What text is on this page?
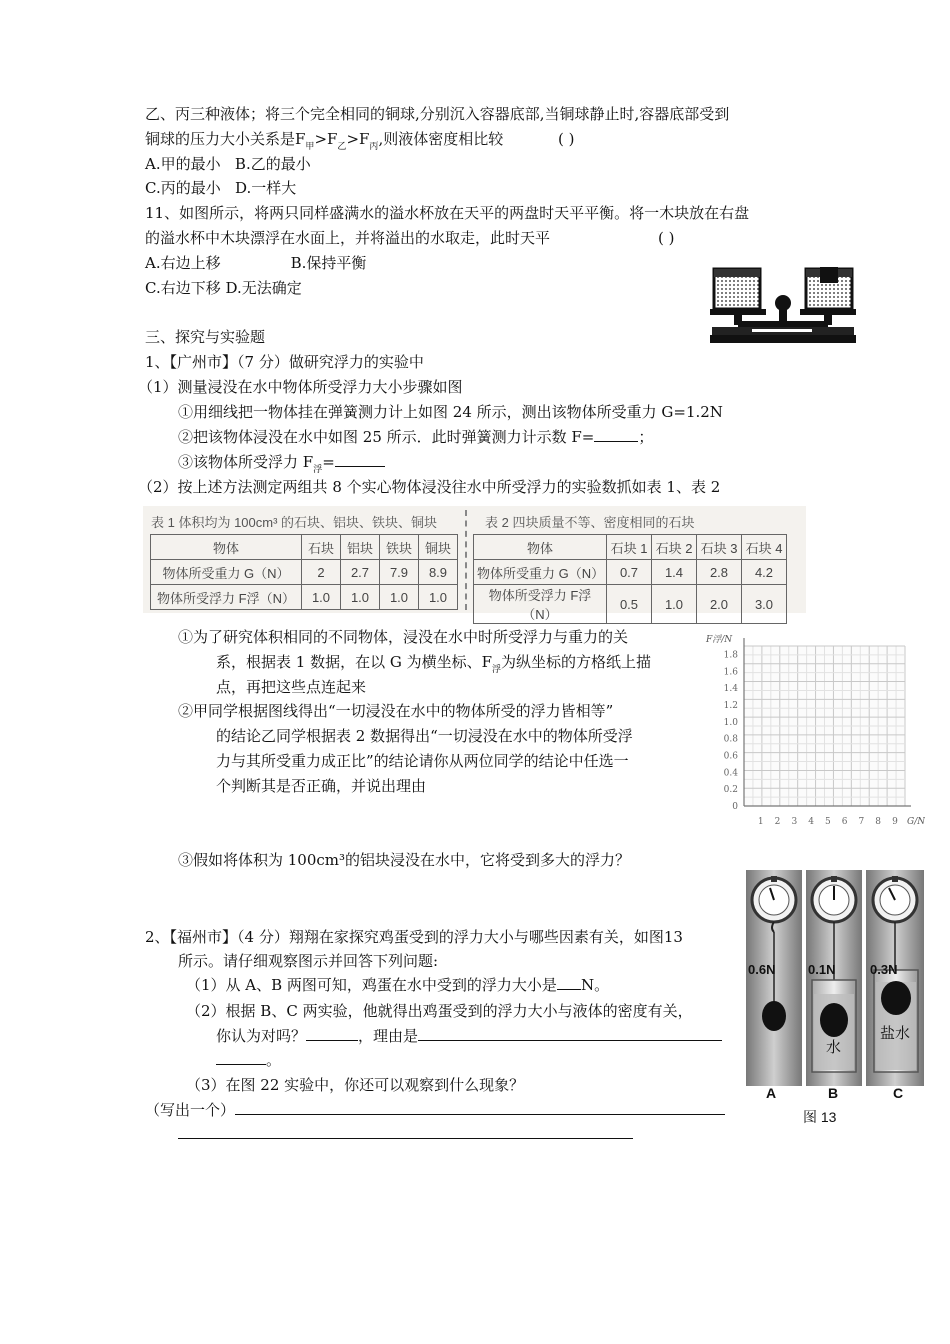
乙、丙三种液体；将三个完全相同的铜球,分别沉入容器底部,当铜球静止时,容器底部受到
铜球的压力大小关系是$F_甲>F_乙>F_丙$,则液体密度相比较	( )
A.甲的最小 B.乙的最小
C.丙的最小 D.一样大
11、如图所示，将两只同样盛满水的溢水杯放在天平的两盘时天平平衡。将一木块放在右盘
的溢水杯中木块漂浮在水面上，并将溢出的水取走，此时天平	( )
A.右边上移	B.保持平衡
C.右边下移 D.无法确定
三、探究与实验题
1、【广州市】（7 分）做研究浮力的实验中
（1）测量浸没在水中物体所受浮力大小步骤如图
①用细线把一物体挂在弹簧测力计上如图 24 所示，测出该物体所受重力 G=1.2N
②把该物体浸没在水中如图 25 所示．此时弹簧测力计示数 F=	；
③该物体所受浮力 $F_浮=$
（2）按上述方法测定两组共 8 个实心物体浸没往水中所受浮力的实验数抓如表 1、表 2
表 1 体积均为 100cm³ 的石块、铝块、铁块、铜块	表 2 四块质量不等、密度相同的石块
物体	石块	铝块	铁块	铜块
物体所受重力 G（N）	2	2.7	7.9	8.9
物体所受浮力 F浮（N）	1.0	1.0	1.0	1.0
物体	石块 1	石块 2	石块 3	石块 4
物体所受重力 G（N）	0.7	1.4	2.8	4.2
物体所受浮力 F浮（N）	0.5	1.0	2.0	3.0
①为了研究体积相同的不同物体，浸没在水中时所受浮力与重力的关
系，根据表 1 数据，在以 G 为横坐标、$F_浮$为纵坐标的方格纸上描
点，再把这些点连起来
②甲同学根据图线得出“一切浸没在水中的物体所受的浮力皆相等”
的结论乙同学根据表 2 数据得出“一切浸没在水中的物体所受浮
力与其所受重力成正比”的结论请你从两位同学的结论中任选一
个判断其是否正确，并说出理由
③假如将体积为 100cm³的铝块浸没在水中，它将受到多大的浮力？
F浮/N
G/N
1.8
1.6
1.4
1.2
1.0
0.8
0.6
0.4
0.2
0
1 2 3 4 5 6 7 8 9
2、【福州市】（4 分）翔翔在家探究鸡蛋受到的浮力大小与哪些因素有关，如图13
所示。请仔细观察图示并回答下列问题:
（1）从 A、B 两图可知，鸡蛋在水中受到的浮力大小是 N。
（2）根据 B、C 两实验，他就得出鸡蛋受到的浮力大小与液体的密度有关，
你认为对吗？	，理由是
。
（3）在图 22 实验中，你还可以观察到什么现象？
（写出一个）
0.6N	0.1N	0.3N
水
盐水
A	B	C
图 13
